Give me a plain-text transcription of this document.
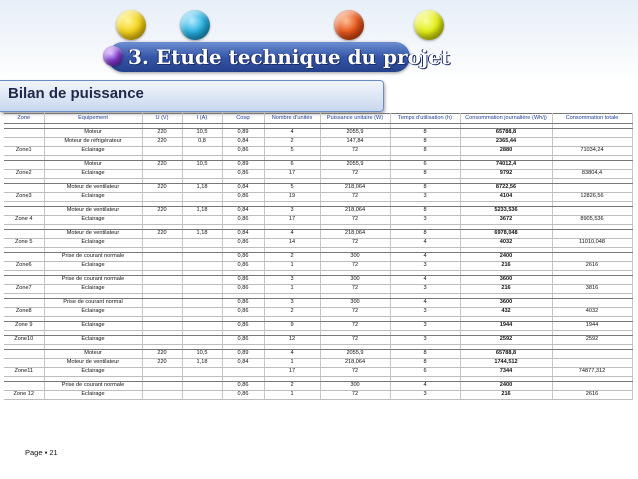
3. Etude technique du projet
Bilan de puissance
Zone	Equipement	U (V)	I (A)	Cosφ	Nombre d'unités	Puissance unitaire (W)	Temps d'utilisation (h)	Consommation journalière (Wh/j)	Consommation totale

	Moteur	220	10,5	0,89	4	2055,9	8	65788,8	
	Moteur de réfrigérateur	220	0,8	0,84	2	147,84	8	2365,44	
Zone1	Eclairage			0,86	5	72	8	2880	71034,24

	Moteur	220	10,5	0,89	6	2055,9	6	74012,4	
Zone2	Eclairage			0,86	17	72	8	9792	83804,4

	Moteur de ventilateur	220	1,18	0,84	5	218,064	8	8722,56	
Zone3	Eclairage			0,86	19	72	3	4104	12826,56

	Moteur de ventilateur	220	1,18	0,84	3	218,064	8	5233,536	
Zone 4	Eclairage			0,86	17	72	3	3672	8905,536

	Moteur de ventilateur	220	1,18	0,84	4	218,064	8	6978,048	
Zone 5	Eclairage			0,86	14	72	4	4032	11010,048

	Prise de courant normale			0,86	2	300	4	2400	
Zone6	Eclairage			0,86	1	72	3	216	2616

	Prise de courant normale			0,86	3	300	4	3600	
Zone7	Eclairage			0,86	1	72	3	216	3816

	Prise de courant normal			0,86	3	300	4	3600	
Zone8	Eclairage			0,86	2	72	3	432	4032

Zone 9	Eclairage			0,86	9	72	3	1944	1944

Zone10	Eclairage			0,86	12	72	3	2592	2592

	Moteur	220	10,5	0,89	4	2055,9	8	65788,8	
	Moteur de ventilateur	220	1,18	0,84	1	218,064	8	1744,512	
Zone11	Eclairage				17	72	6	7344	74877,312

	Prise de courant normale			0,86	2	300	4	2400	
Zone 12	Eclairage			0,86	1	72	3	216	2616
Page ▪ 21
